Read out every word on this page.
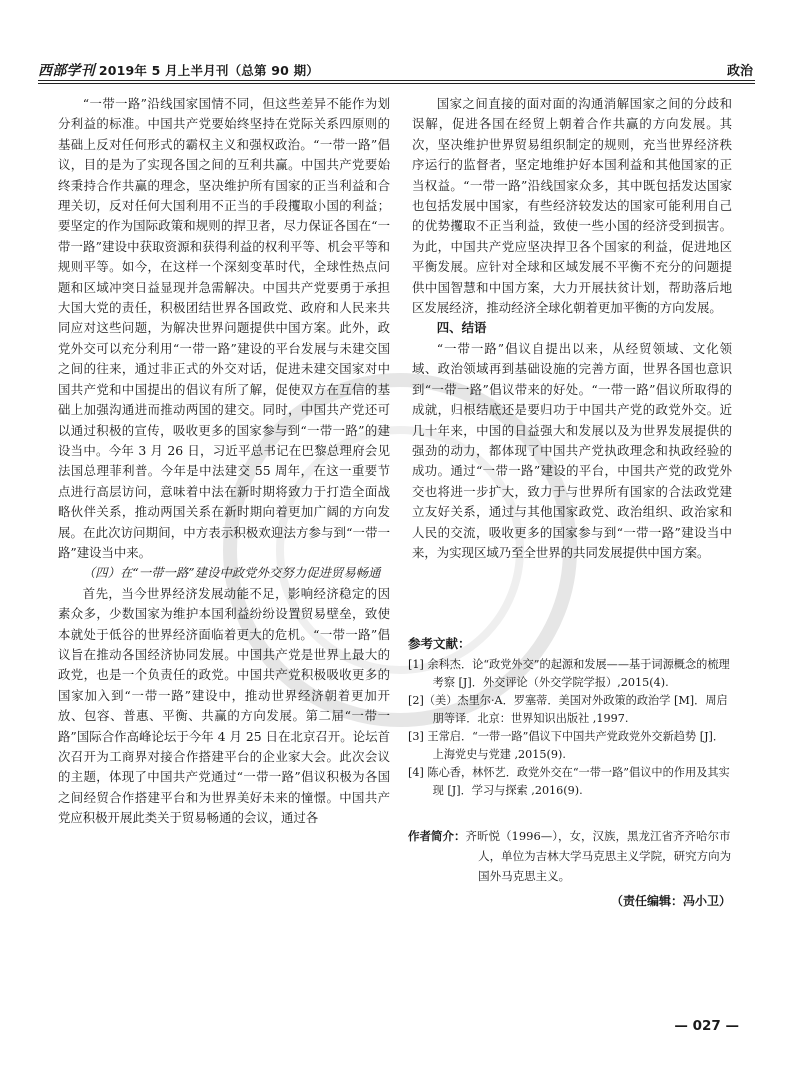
西部学刊 2019年 5 月上半月刊（总第 90 期）	政治

“一带一路”沿线国家国情不同，但这些差异不能作为划分利益的标准。中国共产党要始终坚持在党际关系四原则的基础上反对任何形式的霸权主义和强权政治。“一带一路”倡议，目的是为了实现各国之间的互利共赢。中国共产党要始终秉持合作共赢的理念，坚决维护所有国家的正当利益和合理关切，反对任何大国利用不正当的手段攫取小国的利益；要坚定的作为国际政策和规则的捍卫者，尽力保证各国在“一带一路”建设中获取资源和获得利益的权利平等、机会平等和规则平等。如今，在这样一个深刻变革时代，全球性热点问题和区域冲突日益显现并急需解决。中国共产党要勇于承担大国大党的责任，积极团结世界各国政党、政府和人民来共同应对这些问题，为解决世界问题提供中国方案。此外，政党外交可以充分利用“一带一路”建设的平台发展与未建交国之间的往来，通过非正式的外交对话，促进未建交国家对中国共产党和中国提出的倡议有所了解，促使双方在互信的基础上加强沟通进而推动两国的建交。同时，中国共产党还可以通过积极的宣传，吸收更多的国家参与到“一带一路”的建设当中。今年 3 月 26 日，习近平总书记在巴黎总理府会见法国总理菲利普。今年是中法建交 55 周年，在这一重要节点进行高层访问，意味着中法在新时期将致力于打造全面战略伙伴关系，推动两国关系在新时期向着更加广阔的方向发展。在此次访问期间，中方表示积极欢迎法方参与到“一带一路”建设当中来。

（四）在“一带一路”建设中政党外交努力促进贸易畅通

首先，当今世界经济发展动能不足，影响经济稳定的因素众多，少数国家为维护本国利益纷纷设置贸易壁垒，致使本就处于低谷的世界经济面临着更大的危机。“一带一路”倡议旨在推动各国经济协同发展。中国共产党是世界上最大的政党，也是一个负责任的政党。中国共产党积极吸收更多的国家加入到“一带一路”建设中，推动世界经济朝着更加开放、包容、普惠、平衡、共赢的方向发展。第二届“一带一路”国际合作高峰论坛于今年 4 月 25 日在北京召开。论坛首次召开为工商界对接合作搭建平台的企业家大会。此次会议的主题，体现了中国共产党通过“一带一路”倡议积极为各国之间经贸合作搭建平台和为世界美好未来的憧憬。中国共产党应积极开展此类关于贸易畅通的会议，通过各

国家之间直接的面对面的沟通消解国家之间的分歧和误解，促进各国在经贸上朝着合作共赢的方向发展。其次，坚决维护世界贸易组织制定的规则，充当世界经济秩序运行的监督者，坚定地维护好本国利益和其他国家的正当权益。“一带一路”沿线国家众多，其中既包括发达国家也包括发展中国家，有些经济较发达的国家可能利用自己的优势攫取不正当利益，致使一些小国的经济受到损害。为此，中国共产党应坚决捍卫各个国家的利益，促进地区平衡发展。应针对全球和区域发展不平衡不充分的问题提供中国智慧和中国方案，大力开展扶贫计划，帮助落后地区发展经济，推动经济全球化朝着更加平衡的方向发展。

四、结语

“一带一路”倡议自提出以来，从经贸领域、文化领域、政治领域再到基础设施的完善方面，世界各国也意识到“一带一路”倡议带来的好处。“一带一路”倡议所取得的成就，归根结底还是要归功于中国共产党的政党外交。近几十年来，中国的日益强大和发展以及为世界发展提供的强劲的动力，都体现了中国共产党执政理念和执政经验的成功。通过“一带一路”建设的平台，中国共产党的政党外交也将进一步扩大，致力于与世界所有国家的合法政党建立友好关系，通过与其他国家政党、政治组织、政治家和人民的交流，吸收更多的国家参与到“一带一路”建设当中来，为实现区域乃至全世界的共同发展提供中国方案。

参考文献：

[1] 余科杰．论“政党外交”的起源和发展——基于词源概念的梳理考察 [J]．外交评论（外交学院学报）,2015(4).

[2]（美）杰里尔·A．罗塞蒂．美国对外政策的政治学 [M]．周启朋等译．北京：世界知识出版社 ,1997.

[3] 王常启．“一带一路”倡议下中国共产党政党外交新趋势 [J]．上海党史与党建 ,2015(9).

[4] 陈心香，林怀艺．政党外交在“一带一路”倡议中的作用及其实现 [J]．学习与探索 ,2016(9).

作者简介：齐昕悦（1996—），女，汉族，黑龙江省齐齐哈尔市人，单位为吉林大学马克思主义学院，研究方向为国外马克思主义。

（责任编辑：冯小卫）
— 027 —
